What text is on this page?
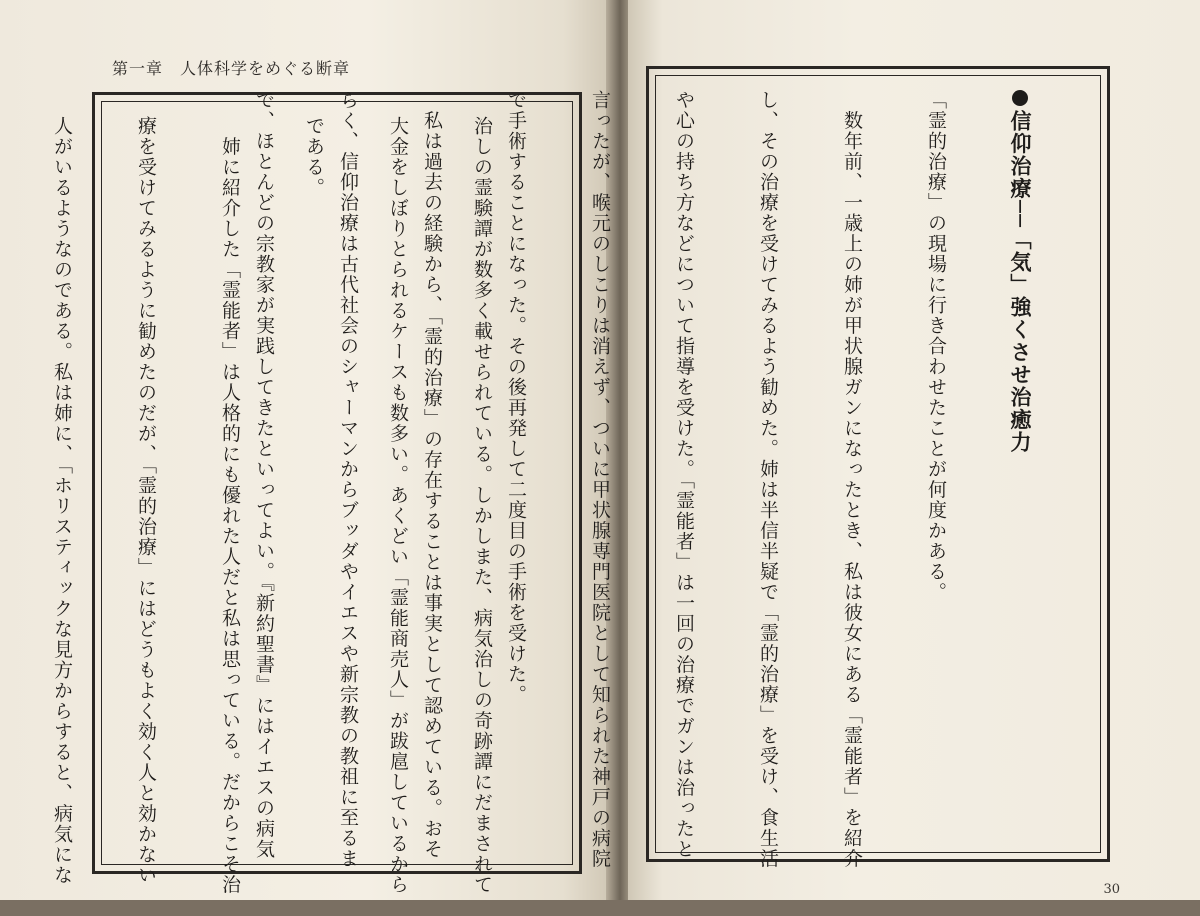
第一章　人体科学をめぐる断章

治しの霊験譚が数多く載せられている。しかしまた、病気治しの奇跡譚にだまされて

大金をしぼりとられるケースも数多い。あくどい「霊能商売人」が跋扈しているから

である。

　姉に紹介した「霊能者」は人格的にも優れた人だと私は思っている。だからこそ治

療を受けてみるように勧めたのだが、「霊的治療」にはどうもよく効く人と効かない

人がいるようなのである。私は姉に、「ホリスティックな見方からすると、病気にな

	信仰治療──「気」強くさせ治癒力

「霊的治療」の現場に行き合わせたことが何度かある。

　数年前、一歳上の姉が甲状腺ガンになったとき、私は彼女にある「霊能者」を紹介

し、その治療を受けてみるよう勧めた。姉は半信半疑で「霊的治療」を受け、食生活

や心の持ち方などについて指導を受けた。「霊能者」は一回の治療でガンは治ったと

言ったが、喉元のしこりは消えず、ついに甲状腺専門医院として知られた神戸の病院

で手術することになった。その後再発して二度目の手術を受けた。

　私は過去の経験から、「霊的治療」の存在することは事実として認めている。おそ

らく、信仰治療は古代社会のシャーマンからブッダやイエスや新宗教の教祖に至るま

で、ほとんどの宗教家が実践してきたといってよい。『新約聖書』にはイエスの病気

30
